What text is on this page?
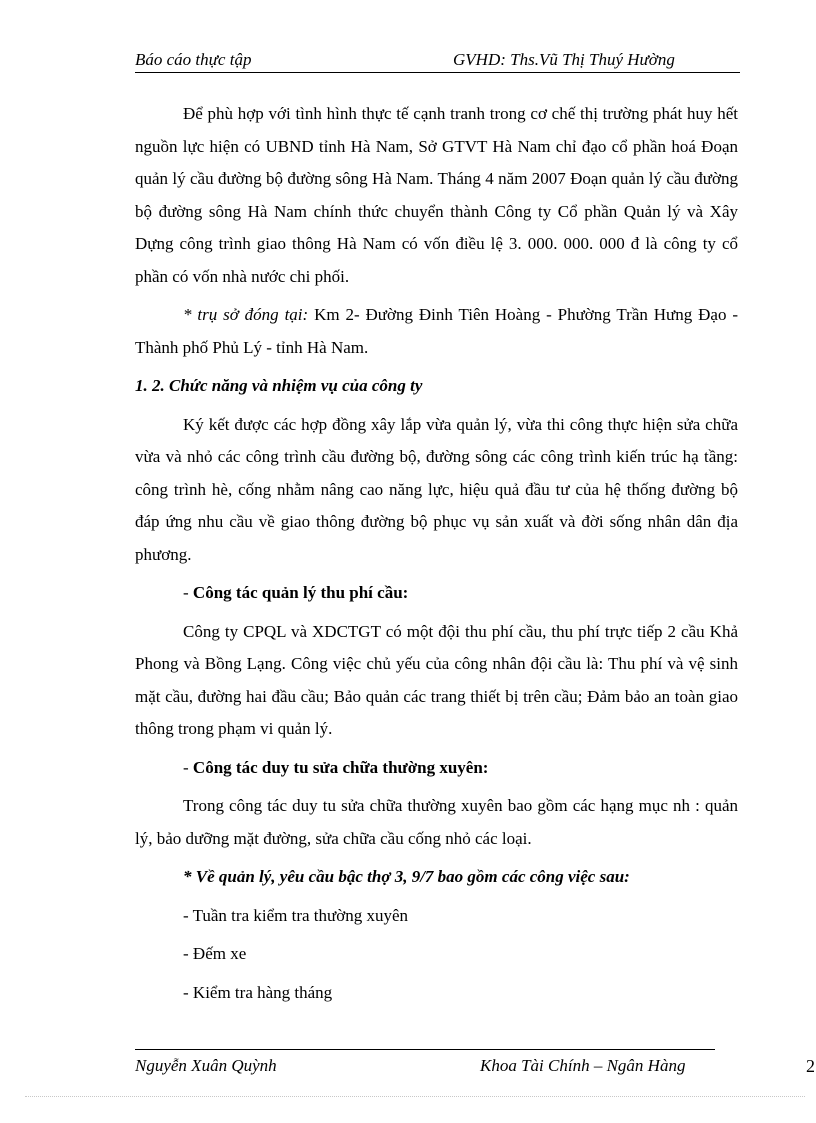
Báo cáo thực tập	GVHD: Ths.Vũ Thị Thuý Hường

Để phù hợp với tình hình thực tế cạnh tranh trong cơ chế thị trường phát huy hết nguồn lực hiện có UBND tỉnh Hà Nam, Sở GTVT Hà Nam chỉ đạo cổ phần hoá Đoạn quản lý cầu đường bộ đường sông Hà Nam. Tháng 4 năm 2007 Đoạn quản lý cầu đường bộ đường sông Hà Nam chính thức chuyển thành Công ty Cổ phần Quản lý và Xây Dựng công trình giao thông Hà Nam có vốn điều lệ 3. 000. 000. 000 đ là công ty cổ phần có vốn nhà nước chi phối.

* trụ sở đóng tại: Km 2- Đường Đinh Tiên Hoàng - Phường Trần Hưng Đạo - Thành phố Phủ Lý - tỉnh Hà Nam.

1. 2. Chức năng và nhiệm vụ của công ty

Ký kết được các hợp đồng xây lắp vừa quản lý, vừa thi công thực hiện sửa chữa vừa và nhỏ các công trình cầu đường bộ, đường sông các công trình kiến trúc hạ tầng: công trình hè, cống nhằm nâng cao năng lực, hiệu quả đầu tư của hệ thống đường bộ đáp ứng nhu cầu về giao thông đường bộ phục vụ sản xuất và đời sống nhân dân địa phương.

- Công tác quản lý thu phí cầu:

Công ty CPQL và XDCTGT có một đội thu phí cầu, thu phí trực tiếp 2 cầu Khả Phong và Bồng Lạng. Công việc chủ yếu của công nhân đội cầu là: Thu phí và vệ sinh mặt cầu, đường hai đầu cầu; Bảo quản các trang thiết bị trên cầu; Đảm bảo an toàn giao thông trong phạm vi quản lý.

- Công tác duy tu sửa chữa thường xuyên:

Trong công tác duy tu sửa chữa thường xuyên bao gồm các hạng mục nh : quản lý, bảo dưỡng mặt đường, sửa chữa cầu cống nhỏ các loại.

* Về quản lý, yêu cầu bậc thợ 3, 9/7 bao gồm các công việc sau:
- Tuần tra kiểm tra thường xuyên
- Đếm xe
- Kiểm tra hàng tháng
Nguyễn Xuân Quỳnh	Khoa Tài Chính – Ngân Hàng	2
